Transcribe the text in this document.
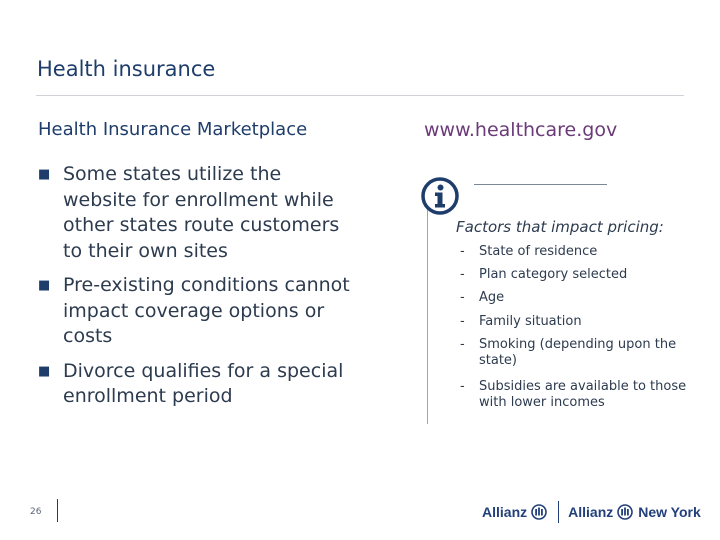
Health insurance
Health Insurance Marketplace
■ Some states utilize the website for enrollment while other states route customers to their own sites
■ Pre-existing conditions cannot impact coverage options or costs
■ Divorce qualifies for a special enrollment period
www.healthcare.gov
Factors that impact pricing:
- State of residence
- Plan category selected
- Age
- Family situation
- Smoking (depending upon the state)
- Subsidies are available to those with lower incomes
26	Allianz	Allianz New York
